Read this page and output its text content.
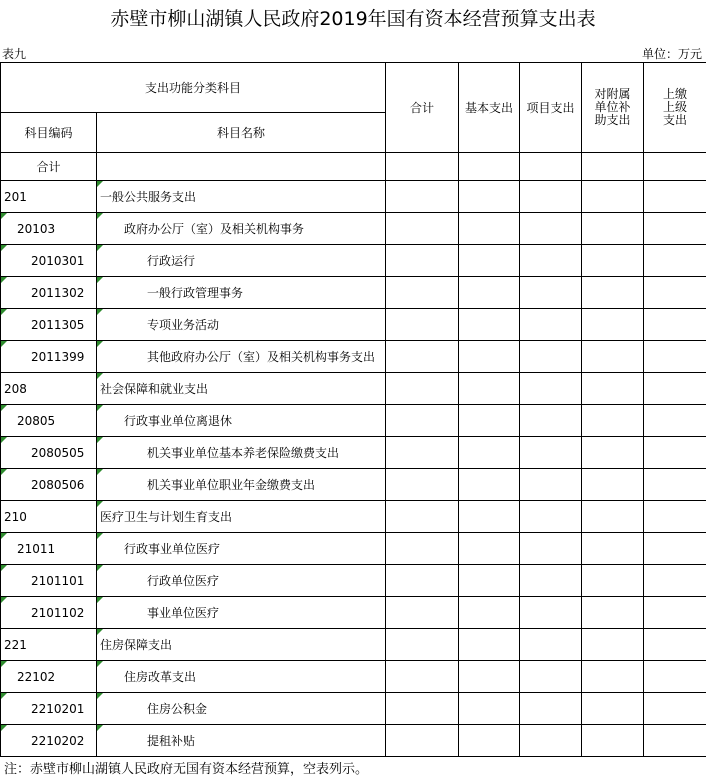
赤壁市柳山湖镇人民政府2019年国有资本经营预算支出表
表九	单位：万元
支出功能分类科目		合计	基本支出	项目支出	对附属单位补助支出	上缴上级支出
科目编码	科目名称					
合计						
201	一般公共服务支出					
20103	政府办公厅（室）及相关机构事务					
2010301	行政运行					
2011302	一般行政管理事务					
2011305	专项业务活动					
2011399	其他政府办公厅（室）及相关机构事务支出					
208	社会保障和就业支出					
20805	行政事业单位离退休					
2080505	机关事业单位基本养老保险缴费支出					
2080506	机关事业单位职业年金缴费支出					
210	医疗卫生与计划生育支出					
21011	行政事业单位医疗					
2101101	行政单位医疗					
2101102	事业单位医疗					
221	住房保障支出					
22102	住房改革支出					
2210201	住房公积金					
2210202	提租补贴					
注：赤壁市柳山湖镇人民政府无国有资本经营预算，空表列示。
